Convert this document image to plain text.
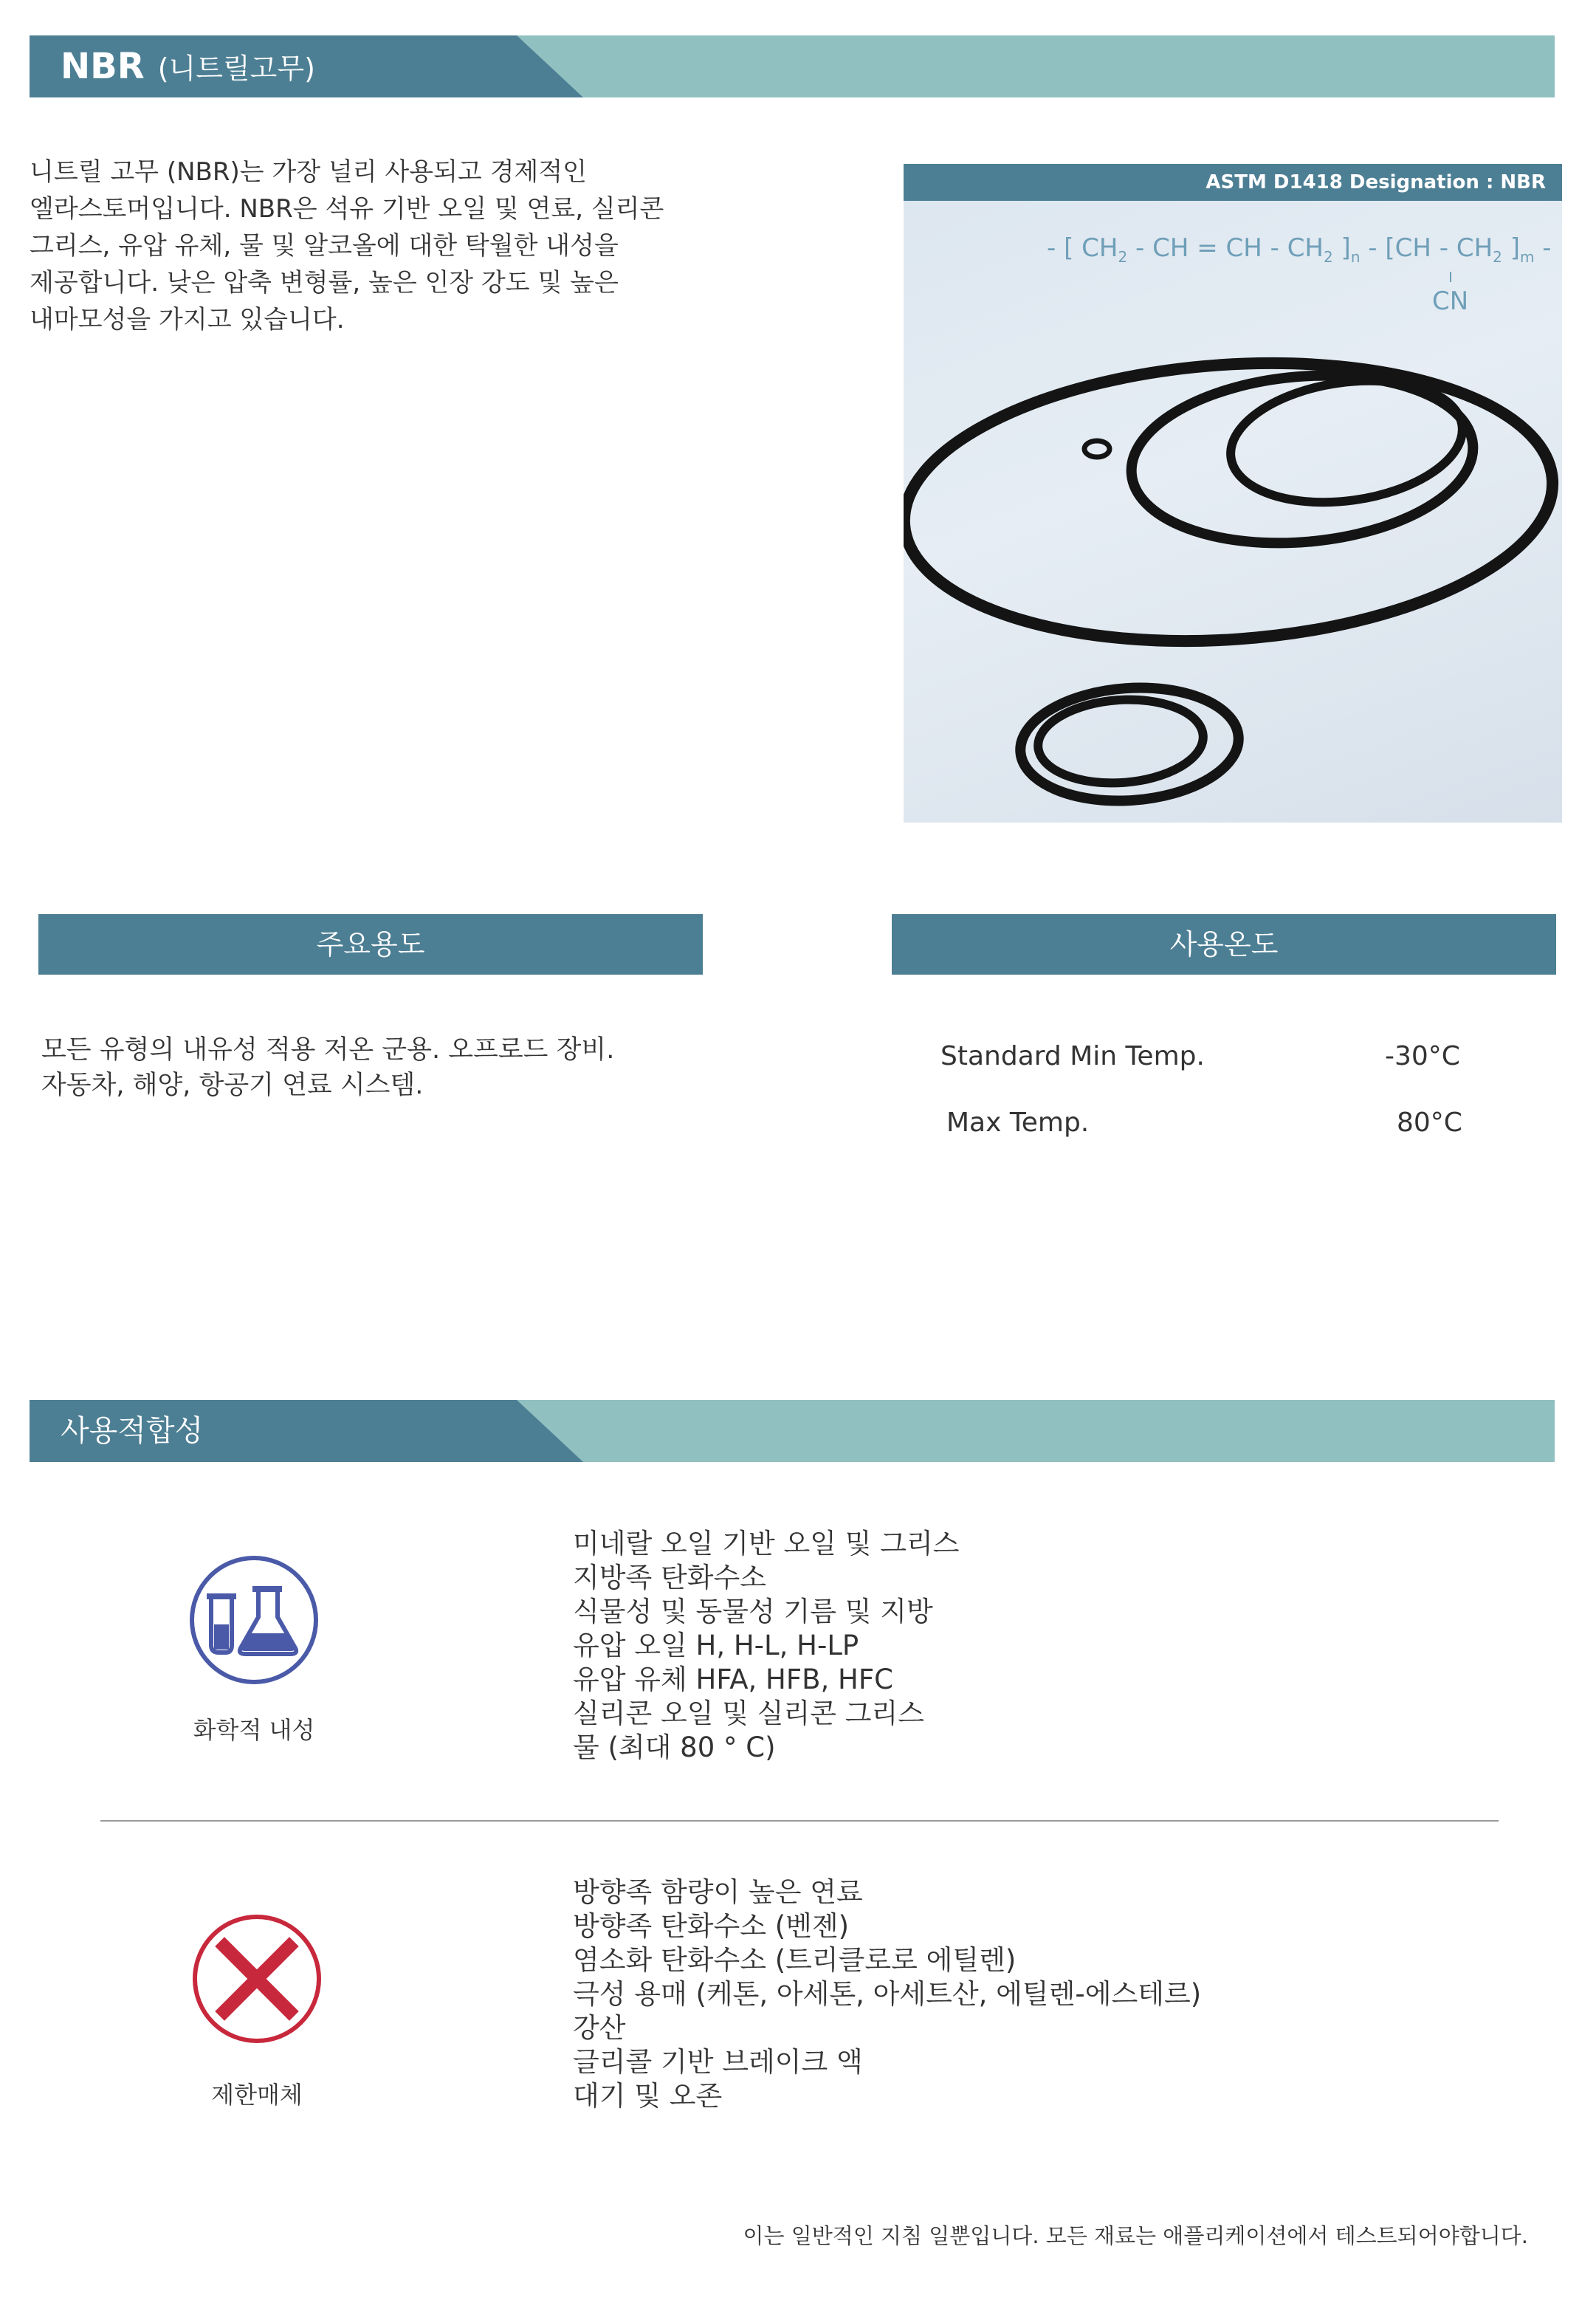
NBR (니트릴고무)
니트릴 고무 (NBR)는 가장 널리 사용되고 경제적인
엘라스토머입니다. NBR은 석유 기반 오일 및 연료, 실리콘
그리스, 유압 유체, 물 및 알코올에 대한 탁월한 내성을
제공합니다. 낮은 압축 변형률, 높은 인장 강도 및 높은
내마모성을 가지고 있습니다.
ASTM D1418 Designation : NBR
- [ $CH_2$ - CH = CH - $CH_2$ ]$_n - [CH - CH_2$ ]$_m$ -
CN
주요용도
모든 유형의 내유성 적용 저온 군용. 오프로드 장비.
자동차, 해양, 항공기 연료 시스템.
사용온도
Standard Min Temp.	-30°C
Max Temp.	80°C
사용적합성
화학적 내성
미네랄 오일 기반 오일 및 그리스
지방족 탄화수소
식물성 및 동물성 기름 및 지방
유압 오일 H, H-L, H-LP
유압 유체 HFA, HFB, HFC
실리콘 오일 및 실리콘 그리스
물 (최대 80 ° C)
제한매체
방향족 함량이 높은 연료
방향족 탄화수소 (벤젠)
염소화 탄화수소 (트리클로로 에틸렌)
극성 용매 (케톤, 아세톤, 아세트산, 에틸렌-에스테르)
강산
글리콜 기반 브레이크 액
대기 및 오존
이는 일반적인 지침 일뿐입니다. 모든 재료는 애플리케이션에서 테스트되어야합니다.
